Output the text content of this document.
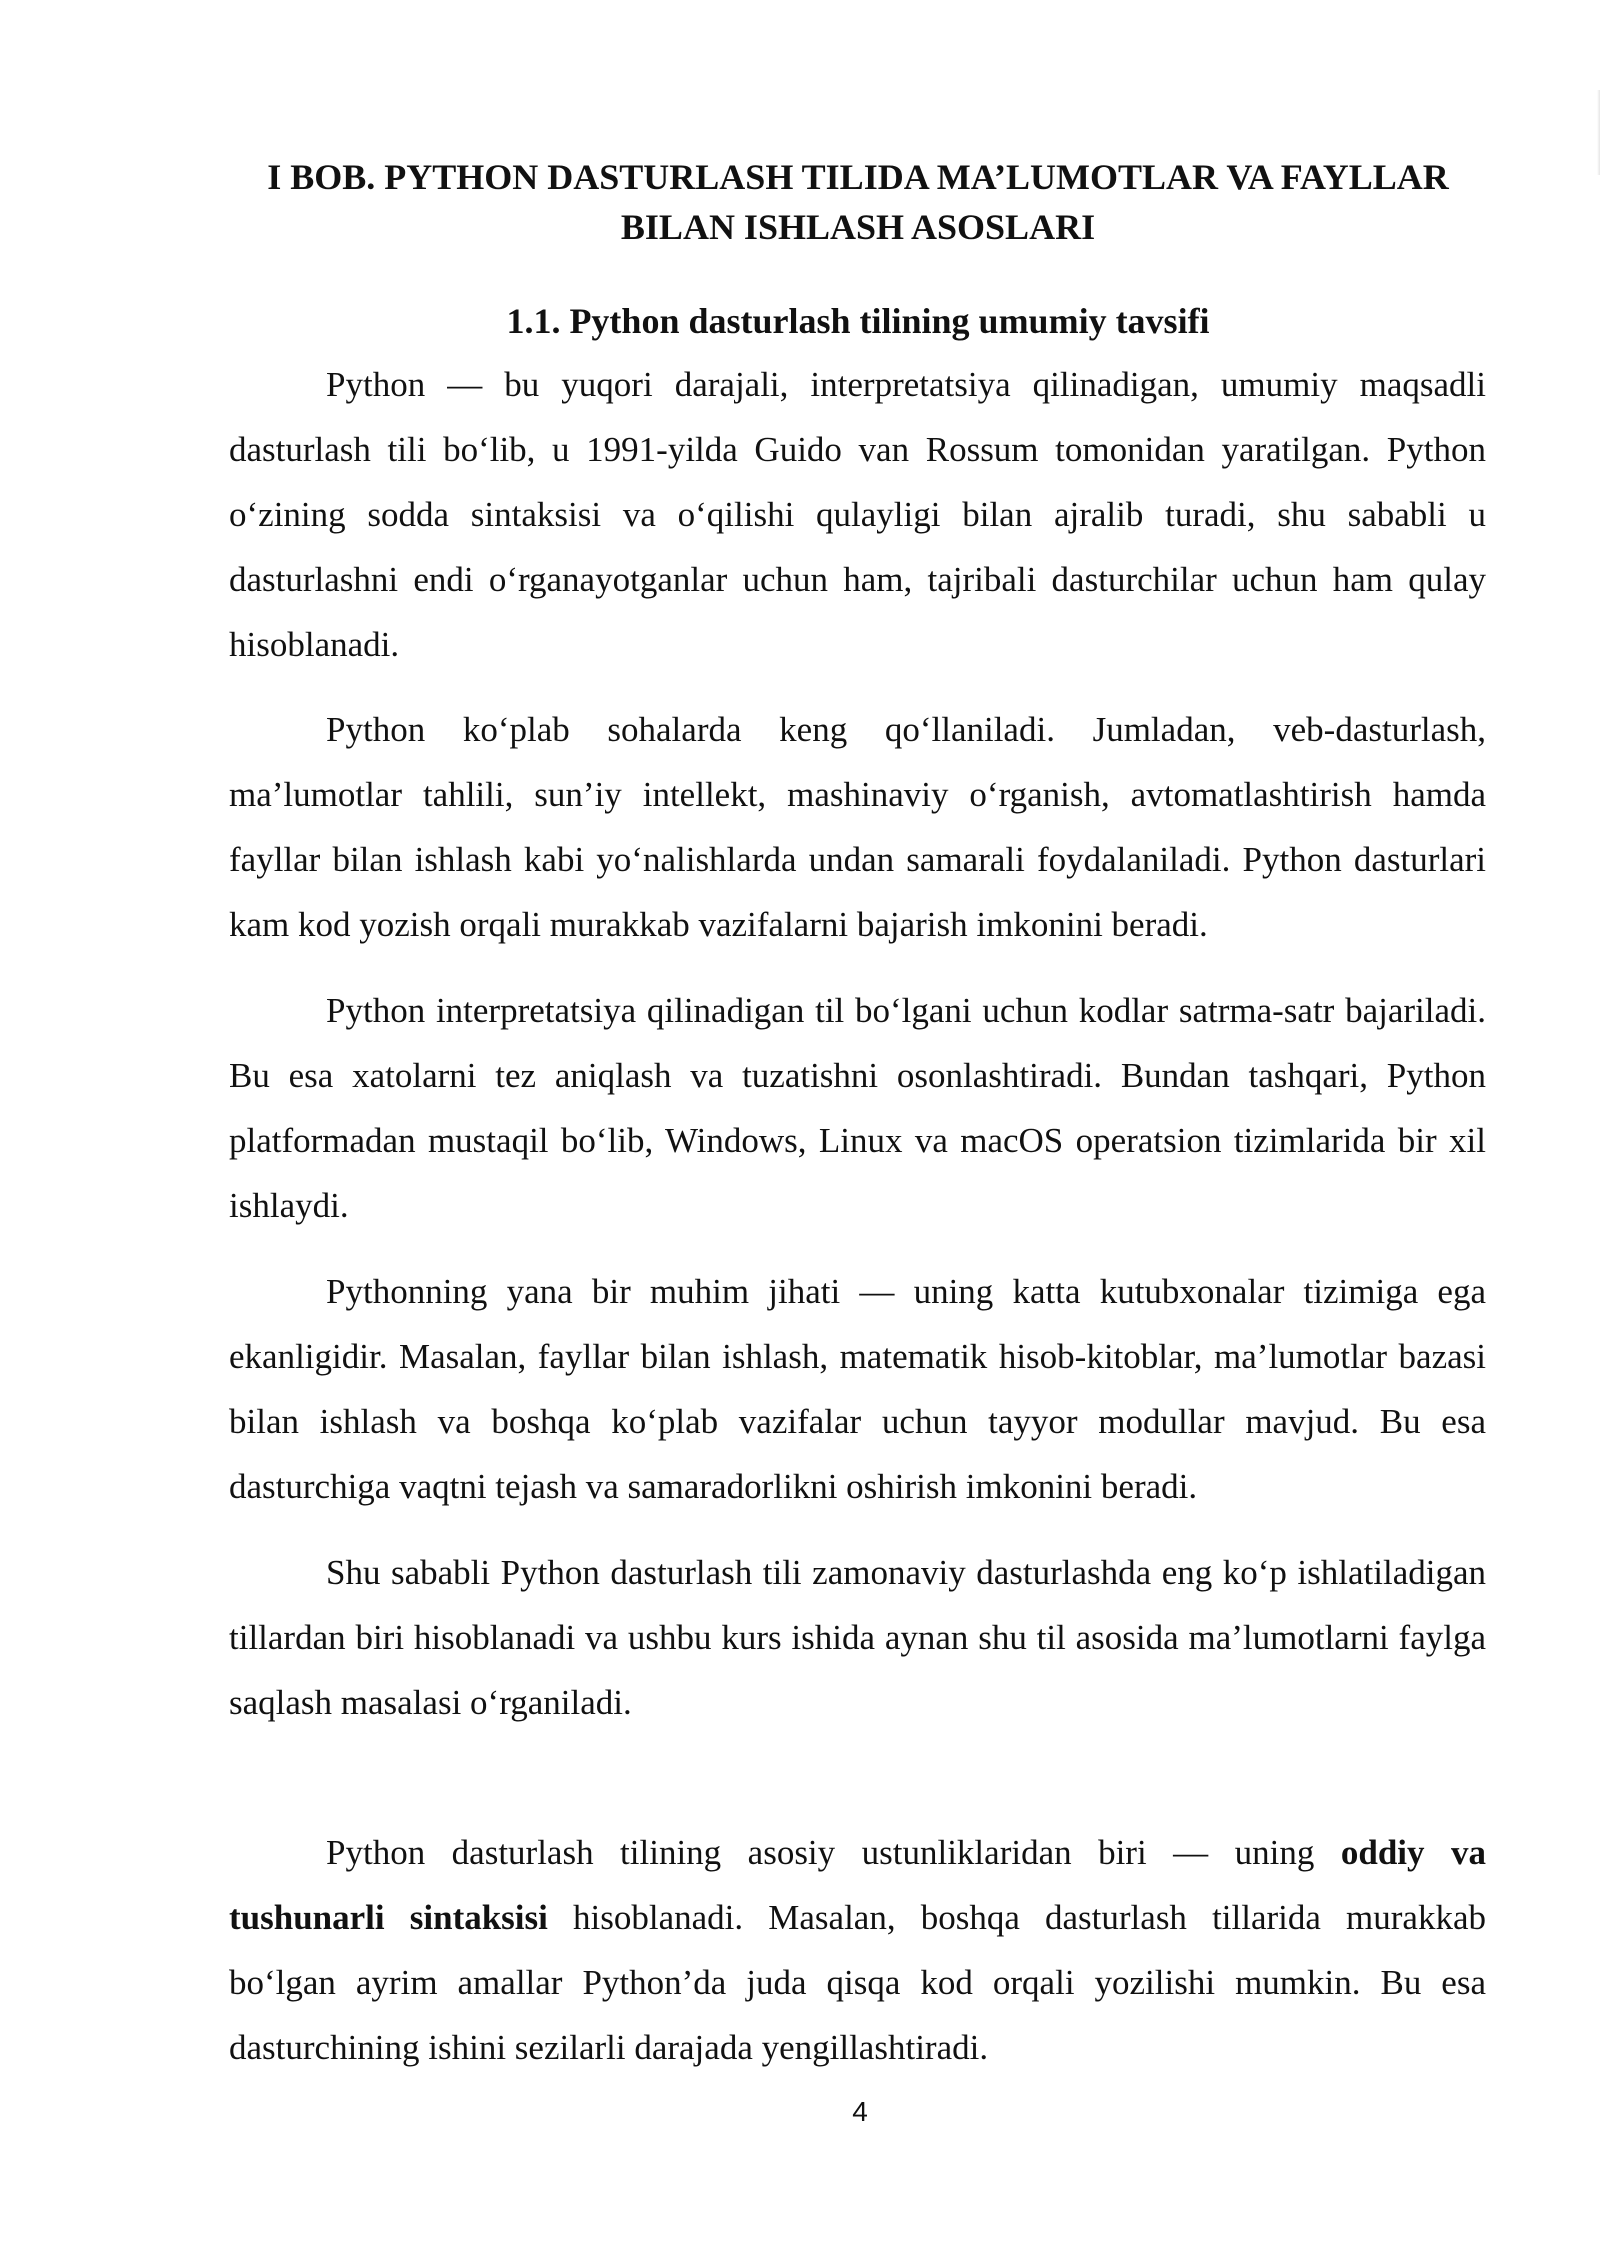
I BOB. PYTHON DASTURLASH TILIDA MA’LUMOTLAR VA FAYLLAR
BILAN ISHLASH ASOSLARI
1.1. Python dasturlash tilining umumiy tavsifi

Python — bu yuqori darajali, interpretatsiya qilinadigan, umumiy maqsadli dasturlash tili bo‘lib, u 1991-yilda Guido van Rossum tomonidan yaratilgan. Python o‘zining sodda sintaksisi va o‘qilishi qulayligi bilan ajralib turadi, shu sababli u dasturlashni endi o‘rganayotganlar uchun ham, tajribali dasturchilar uchun ham qulay hisoblanadi.

Python ko‘plab sohalarda keng qo‘llaniladi. Jumladan, veb-dasturlash, ma’lumotlar tahlili, sun’iy intellekt, mashinaviy o‘rganish, avtomatlashtirish hamda fayllar bilan ishlash kabi yo‘nalishlarda undan samarali foydalaniladi. Python dasturlari kam kod yozish orqali murakkab vazifalarni bajarish imkonini beradi.

Python interpretatsiya qilinadigan til bo‘lgani uchun kodlar satrma-satr bajariladi. Bu esa xatolarni tez aniqlash va tuzatishni osonlashtiradi. Bundan tashqari, Python platformadan mustaqil bo‘lib, Windows, Linux va macOS operatsion tizimlarida bir xil ishlaydi.

Pythonning yana bir muhim jihati — uning katta kutubxonalar tizimiga ega ekanligidir. Masalan, fayllar bilan ishlash, matematik hisob-kitoblar, ma’lumotlar bazasi bilan ishlash va boshqa ko‘plab vazifalar uchun tayyor modullar mavjud. Bu esa dasturchiga vaqtni tejash va samaradorlikni oshirish imkonini beradi.

Shu sababli Python dasturlash tili zamonaviy dasturlashda eng ko‘p ishlatiladigan tillardan biri hisoblanadi va ushbu kurs ishida aynan shu til asosida ma’lumotlarni faylga saqlash masalasi o‘rganiladi.

Python dasturlash tilining asosiy ustunliklaridan biri — uning oddiy va tushunarli sintaksisi hisoblanadi. Masalan, boshqa dasturlash tillarida murakkab bo‘lgan ayrim amallar Python’da juda qisqa kod orqali yozilishi mumkin. Bu esa dasturchining ishini sezilarli darajada yengillashtiradi.

4
